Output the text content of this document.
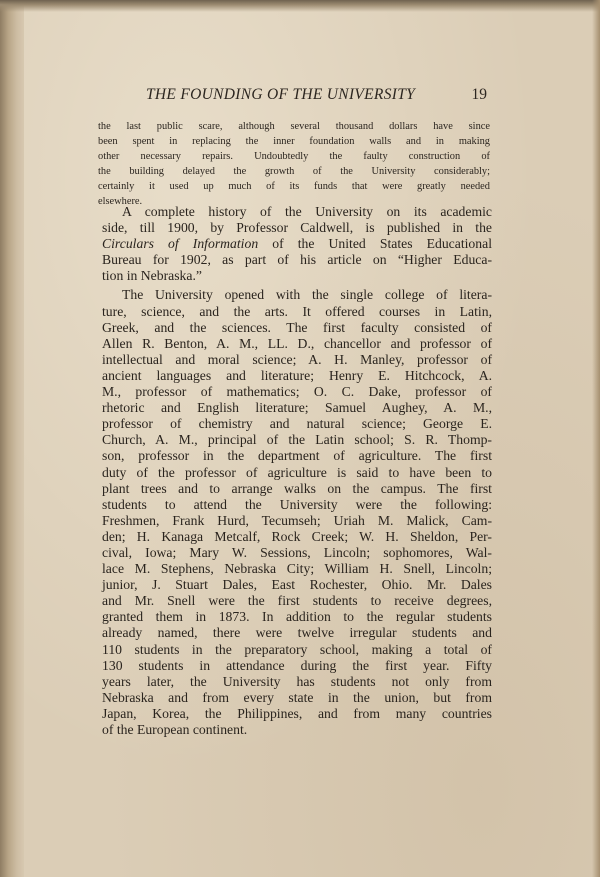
THE FOUNDING OF THE UNIVERSITY	19
the last public scare, although several thousand dollars have since
been spent in replacing the inner foundation walls and in making
other necessary repairs. Undoubtedly the faulty construction of
the building delayed the growth of the University considerably;
certainly it used up much of its funds that were greatly needed
elsewhere.
A complete history of the University on its academic
side, till 1900, by Professor Caldwell, is published in the
Circulars of Information of the United States Educational
Bureau for 1902, as part of his article on “Higher Educa-
tion in Nebraska.”
The University opened with the single college of litera-
ture, science, and the arts. It offered courses in Latin,
Greek, and the sciences. The first faculty consisted of
Allen R. Benton, A. M., LL. D., chancellor and professor of
intellectual and moral science; A. H. Manley, professor of
ancient languages and literature; Henry E. Hitchcock, A.
M., professor of mathematics; O. C. Dake, professor of
rhetoric and English literature; Samuel Aughey, A. M.,
professor of chemistry and natural science; George E.
Church, A. M., principal of the Latin school; S. R. Thomp-
son, professor in the department of agriculture. The first
duty of the professor of agriculture is said to have been to
plant trees and to arrange walks on the campus. The first
students to attend the University were the following:
Freshmen, Frank Hurd, Tecumseh; Uriah M. Malick, Cam-
den; H. Kanaga Metcalf, Rock Creek; W. H. Sheldon, Per-
cival, Iowa; Mary W. Sessions, Lincoln; sophomores, Wal-
lace M. Stephens, Nebraska City; William H. Snell, Lincoln;
junior, J. Stuart Dales, East Rochester, Ohio. Mr. Dales
and Mr. Snell were the first students to receive degrees,
granted them in 1873. In addition to the regular students
already named, there were twelve irregular students and
110 students in the preparatory school, making a total of
130 students in attendance during the first year. Fifty
years later, the University has students not only from
Nebraska and from every state in the union, but from
Japan, Korea, the Philippines, and from many countries
of the European continent.
